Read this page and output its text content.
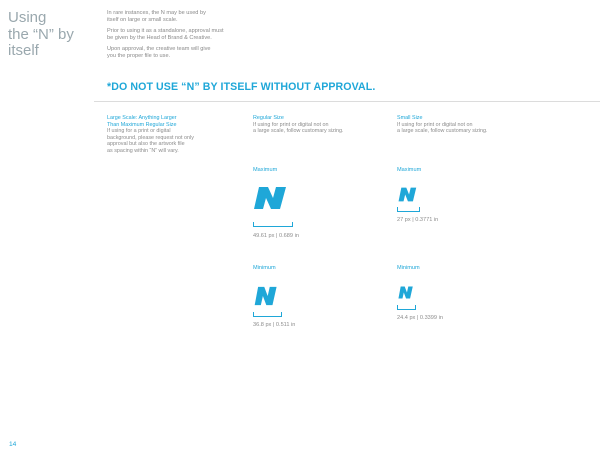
Using
the “N” by
itself
In rare instances, the N may be used by
itself on large or small scale.
Prior to using it as a standalone, approval must
be given by the Head of Brand & Creative.
Upon approval, the creative team will give
you the proper file to use.
*DO NOT USE “N” BY ITSELF WITHOUT APPROVAL.
Large Scale: Anything Larger
Than Maximum Regular Size
If using for a print or digital
background, please request not only
approval but also the artwork file
as spacing within “N” will vary.
Regular Size
If using for print or digital not on
a large scale, follow customary sizing.
Small Size
If using for print or digital not on
a large scale, follow customary sizing.
Maximum
49.61 px | 0.689 in
Maximum
27 px | 0.3771 in
Minimum
36.8 px | 0.511 in
Minimum
24.4 px | 0.3399 in
14
